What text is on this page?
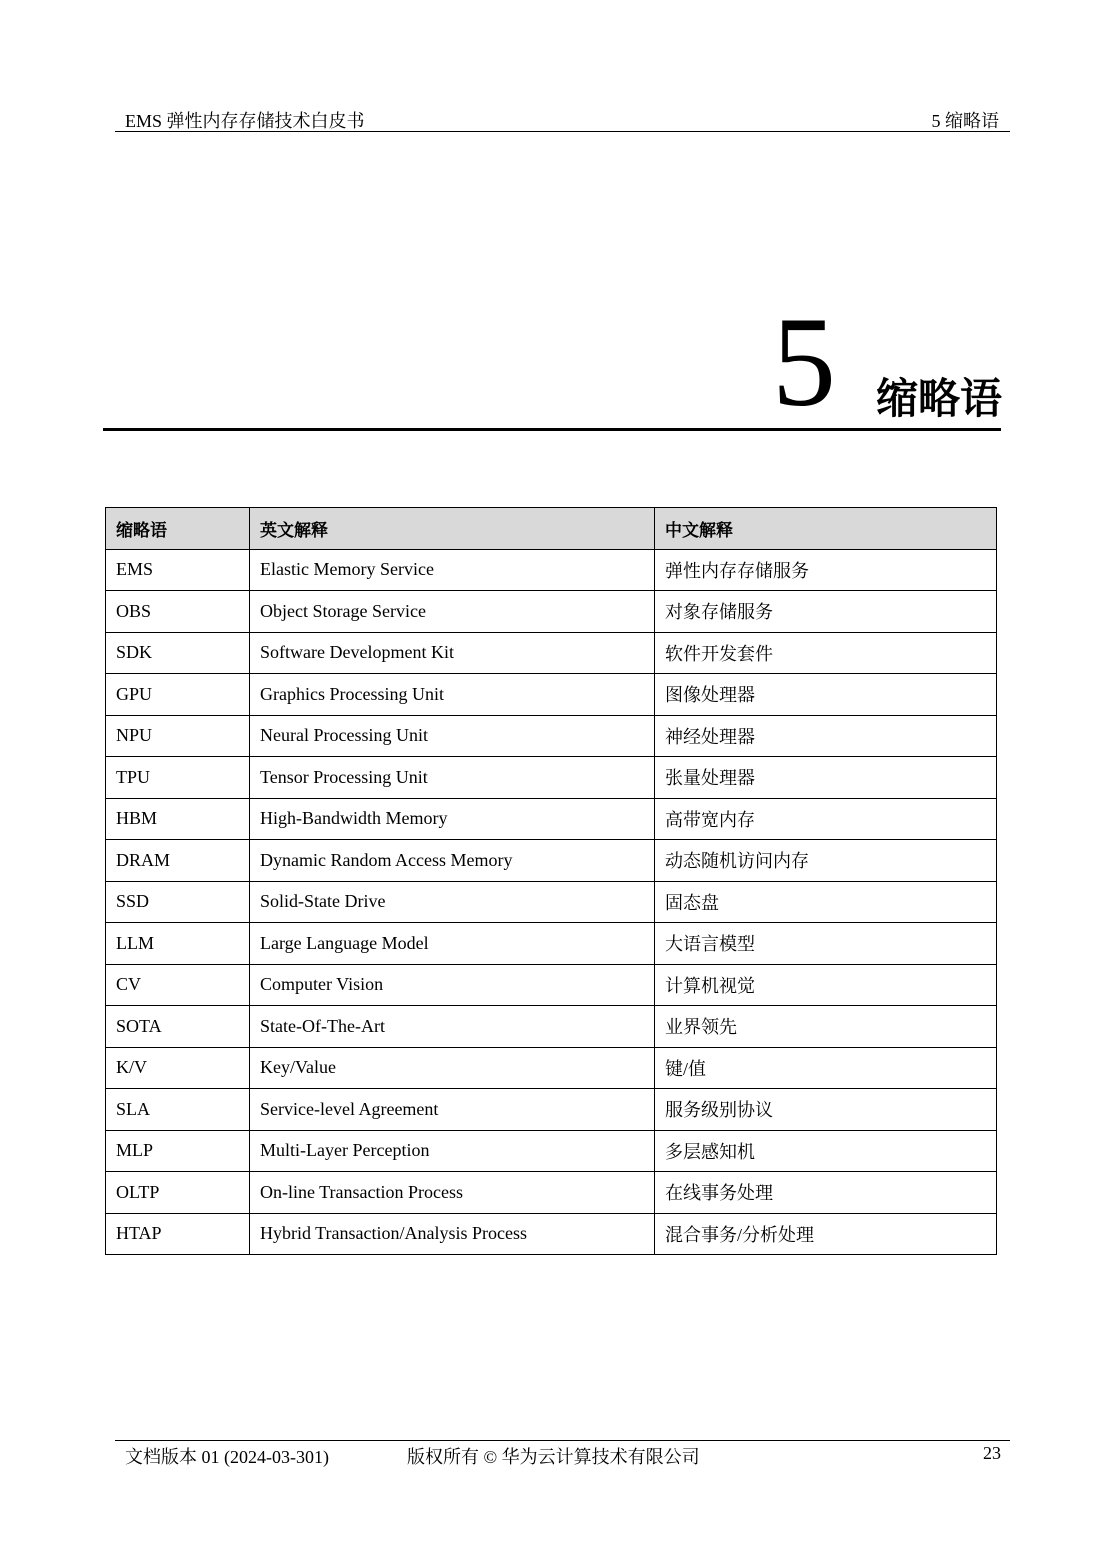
EMS 弹性内存存储技术白皮书	5 缩略语
5 缩略语
缩略语	英文解释	中文解释
EMS	Elastic Memory Service	弹性内存存储服务
OBS	Object Storage Service	对象存储服务
SDK	Software Development Kit	软件开发套件
GPU	Graphics Processing Unit	图像处理器
NPU	Neural Processing Unit	神经处理器
TPU	Tensor Processing Unit	张量处理器
HBM	High-Bandwidth Memory	高带宽内存
DRAM	Dynamic Random Access Memory	动态随机访问内存
SSD	Solid-State Drive	固态盘
LLM	Large Language Model	大语言模型
CV	Computer Vision	计算机视觉
SOTA	State-Of-The-Art	业界领先
K/V	Key/Value	键/值
SLA	Service-level Agreement	服务级别协议
MLP	Multi-Layer Perception	多层感知机
OLTP	On-line Transaction Process	在线事务处理
HTAP	Hybrid Transaction/Analysis Process	混合事务/分析处理
文档版本 01 (2024-03-301)	版权所有 © 华为云计算技术有限公司	23
